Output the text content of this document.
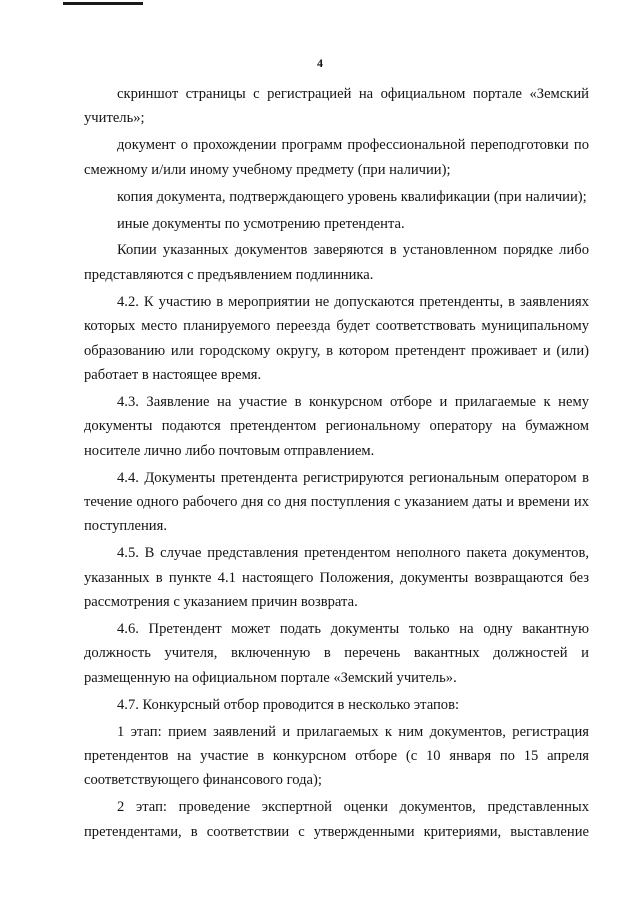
4

скриншот страницы с регистрацией на официальном портале «Земский учитель»;

документ о прохождении программ профессиональной переподготовки по смежному и/или иному учебному предмету (при наличии);

копия документа, подтверждающего уровень квалификации (при наличии);

иные документы по усмотрению претендента.

Копии указанных документов заверяются в установленном порядке либо представляются с предъявлением подлинника.

4.2. К участию в мероприятии не допускаются претенденты, в заявлениях которых место планируемого переезда будет соответствовать муниципальному образованию или городскому округу, в котором претендент проживает и (или) работает в настоящее время.

4.3. Заявление на участие в конкурсном отборе и прилагаемые к нему документы подаются претендентом региональному оператору на бумажном носителе лично либо почтовым отправлением.

4.4. Документы претендента регистрируются региональным оператором в течение одного рабочего дня со дня поступления с указанием даты и времени их поступления.

4.5. В случае представления претендентом неполного пакета документов, указанных в пункте 4.1 настоящего Положения, документы возвращаются без рассмотрения с указанием причин возврата.

4.6. Претендент может подать документы только на одну вакантную должность учителя, включенную в перечень вакантных должностей и размещенную на официальном портале «Земский учитель».

4.7. Конкурсный отбор проводится в несколько этапов:

1 этап: прием заявлений и прилагаемых к ним документов, регистрация претендентов на участие в конкурсном отборе (с 10 января по 15 апреля соответствующего финансового года);

2 этап: проведение экспертной оценки документов, представленных претендентами, в соответствии с утвержденными критериями, выставление
